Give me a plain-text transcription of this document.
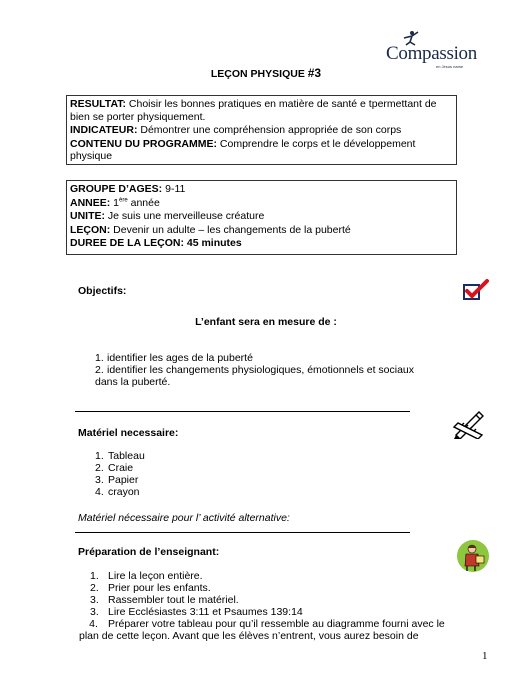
Compassion
en Jésus name
LEÇON PHYSIQUE #3

RESULTAT: Choisir les bonnes pratiques en matière de santé e tpermettant de bien se porter physiquement.

INDICATEUR: Démontrer une compréhension appropriée de son corps

CONTENU DU PROGRAMME: Comprendre le corps et le développement physique

GROUPE D’AGES: 9-11

ANNEE: 1ère année

UNITE: Je suis une merveilleuse créature

LEÇON: Devenir un adulte – les changements de la puberté

DUREE DE LA LEÇON: 45 minutes

Objectifs:
L’enfant sera en mesure de :
1. identifier les ages de la puberté
2. identifier les changements physiologiques, émotionnels et sociaux dans la puberté.
Matériel necessaire:
1. Tableau
2. Craie
3. Papier
4. crayon
Matériel nécessaire pour l’ activité alternative:
Préparation de l’enseignant:
1. Lire la leçon entière.
2. Prier pour les enfants.
3. Rassembler tout le matériel.
3. Lire Ecclésiastes 3:11 et Psaumes 139:14
4. Préparer votre tableau pour qu’il ressemble au diagramme fourni avec le plan de cette leçon. Avant que les élèves n’entrent, vous aurez besoin de
1
